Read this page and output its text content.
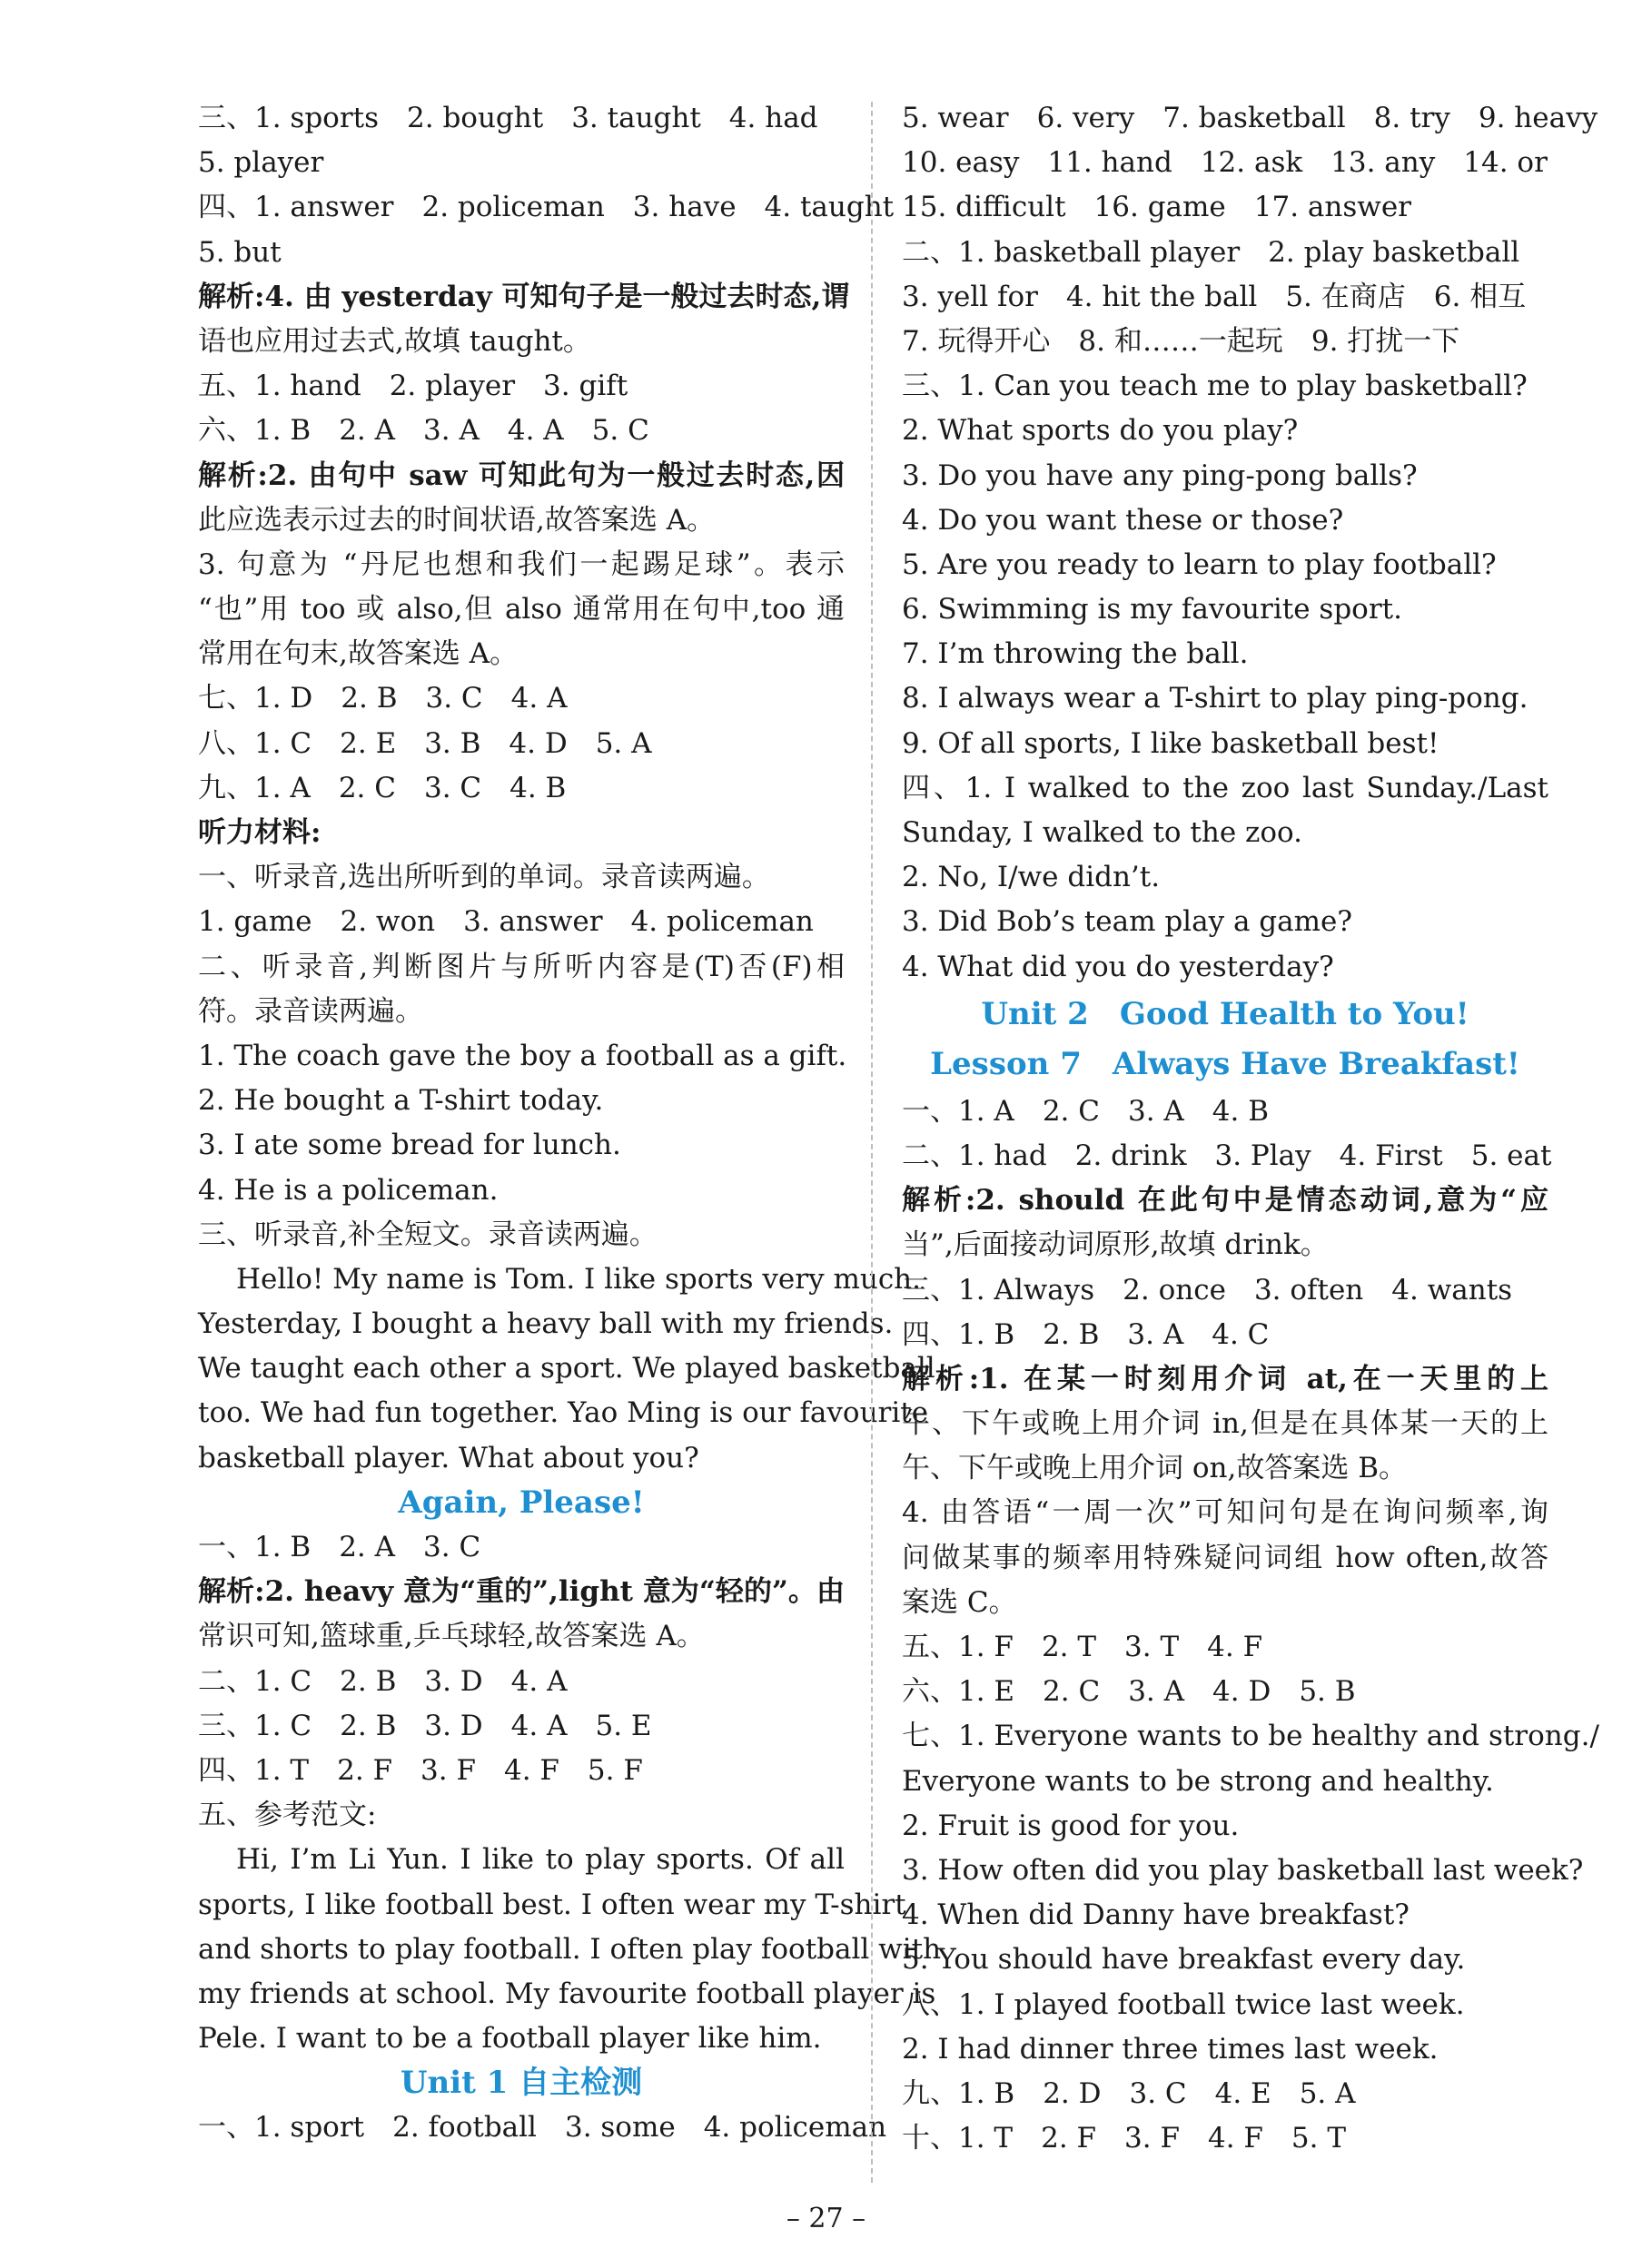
三、1. sports　2. bought　3. taught　4. had
5. player
四、1. answer　2. policeman　3. have　4. taught
5. but
解析:4. 由 yesterday 可知句子是一般过去时态,谓
语也应用过去式,故填 taught。
五、1. hand　2. player　3. gift
六、1. B　2. A　3. A　4. A　5. C
解析:2. 由句中 saw 可知此句为一般过去时态,因
此应选表示过去的时间状语,故答案选 A。
3. 句意为 “丹尼也想和我们一起踢足球”。表示
“也”用 too 或 also,但 also 通常用在句中,too 通
常用在句末,故答案选 A。
七、1. D　2. B　3. C　4. A
八、1. C　2. E　3. B　4. D　5. A
九、1. A　2. C　3. C　4. B
听力材料:
一、听录音,选出所听到的单词。录音读两遍。
1. game　2. won　3. answer　4. policeman
二、听录音,判断图片与所听内容是(T)否(F)相
符。录音读两遍。
1. The coach gave the boy a football as a gift.
2. He bought a T-shirt today.
3. I ate some bread for lunch.
4. He is a policeman.
三、听录音,补全短文。录音读两遍。
Hello! My name is Tom. I like sports very much.
Yesterday, I bought a heavy ball with my friends.
We taught each other a sport. We played basketball,
too. We had fun together. Yao Ming is our favourite
basketball player. What about you?
Again, Please!
一、1. B　2. A　3. C
解析:2. heavy 意为“重的”,light 意为“轻的”。由
常识可知,篮球重,乒乓球轻,故答案选 A。
二、1. C　2. B　3. D　4. A
三、1. C　2. B　3. D　4. A　5. E
四、1. T　2. F　3. F　4. F　5. F
五、参考范文:
Hi, I’m Li Yun. I like to play sports. Of all
sports, I like football best. I often wear my T-shirt
and shorts to play football. I often play football with
my friends at school. My favourite football player is
Pele. I want to be a football player like him.
Unit 1 自主检测
一、1. sport　2. football　3. some　4. policeman
5. wear　6. very　7. basketball　8. try　9. heavy
10. easy　11. hand　12. ask　13. any　14. or
15. difficult　16. game　17. answer
二、1. basketball player　2. play basketball
3. yell for　4. hit the ball　5. 在商店　6. 相互
7. 玩得开心　8. 和……一起玩　9. 打扰一下
三、1. Can you teach me to play basketball?
2. What sports do you play?
3. Do you have any ping-pong balls?
4. Do you want these or those?
5. Are you ready to learn to play football?
6. Swimming is my favourite sport.
7. I’m throwing the ball.
8. I always wear a T-shirt to play ping-pong.
9. Of all sports, I like basketball best!
四、1. I walked to the zoo last Sunday./Last
Sunday, I walked to the zoo.
2. No, I/we didn’t.
3. Did Bob’s team play a game?
4. What did you do yesterday?
Unit 2　Good Health to You!
Lesson 7　Always Have Breakfast!
一、1. A　2. C　3. A　4. B
二、1. had　2. drink　3. Play　4. First　5. eat
解析:2. should 在此句中是情态动词,意为“应
当”,后面接动词原形,故填 drink。
三、1. Always　2. once　3. often　4. wants
四、1. B　2. B　3. A　4. C
解析:1. 在某一时刻用介词 at,在一天里的上
午、下午或晚上用介词 in,但是在具体某一天的上
午、下午或晚上用介词 on,故答案选 B。
4. 由答语“一周一次”可知问句是在询问频率,询
问做某事的频率用特殊疑问词组 how often,故答
案选 C。
五、1. F　2. T　3. T　4. F
六、1. E　2. C　3. A　4. D　5. B
七、1. Everyone wants to be healthy and strong./
Everyone wants to be strong and healthy.
2. Fruit is good for you.
3. How often did you play basketball last week?
4. When did Danny have breakfast?
5. You should have breakfast every day.
八、1. I played football twice last week.
2. I had dinner three times last week.
九、1. B　2. D　3. C　4. E　5. A
十、1. T　2. F　3. F　4. F　5. T
– 27 –
